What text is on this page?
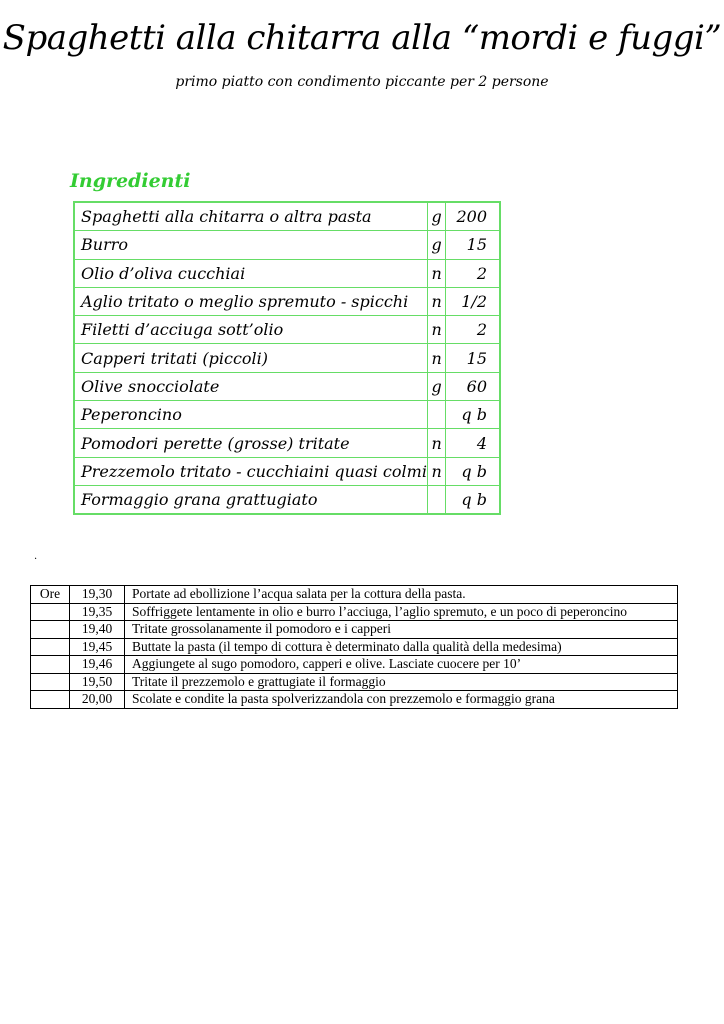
Spaghetti alla chitarra alla “mordi e fuggi”
primo piatto con condimento piccante per 2 persone
Ingredienti
Spaghetti alla chitarra o altra pasta	g	200
Burro	g	15
Olio d’oliva cucchiai	n	2
Aglio tritato o meglio spremuto - spicchi	n	1/2
Filetti d’acciuga sott’olio	n	2
Capperi tritati (piccoli)	n	15
Olive snocciolate	g	60
Peperoncino		q b
Pomodori perette (grosse) tritate	n	4
Prezzemolo tritato - cucchiaini quasi colmi	n	q b
Formaggio grana grattugiato		q b
.
Ore	19,30	Portate ad ebollizione l’acqua salata per la cottura della pasta.
	19,35	Soffriggete lentamente in olio e burro l’acciuga, l’aglio spremuto, e un poco di peperoncino
	19,40	Tritate grossolanamente il pomodoro e i capperi
	19,45	Buttate la pasta (il tempo di cottura è determinato dalla qualità della medesima)
	19,46	Aggiungete al sugo pomodoro, capperi e olive. Lasciate cuocere per 10’
	19,50	Tritate il prezzemolo e grattugiate il formaggio
	20,00	Scolate e condite la pasta spolverizzandola con prezzemolo e formaggio grana
